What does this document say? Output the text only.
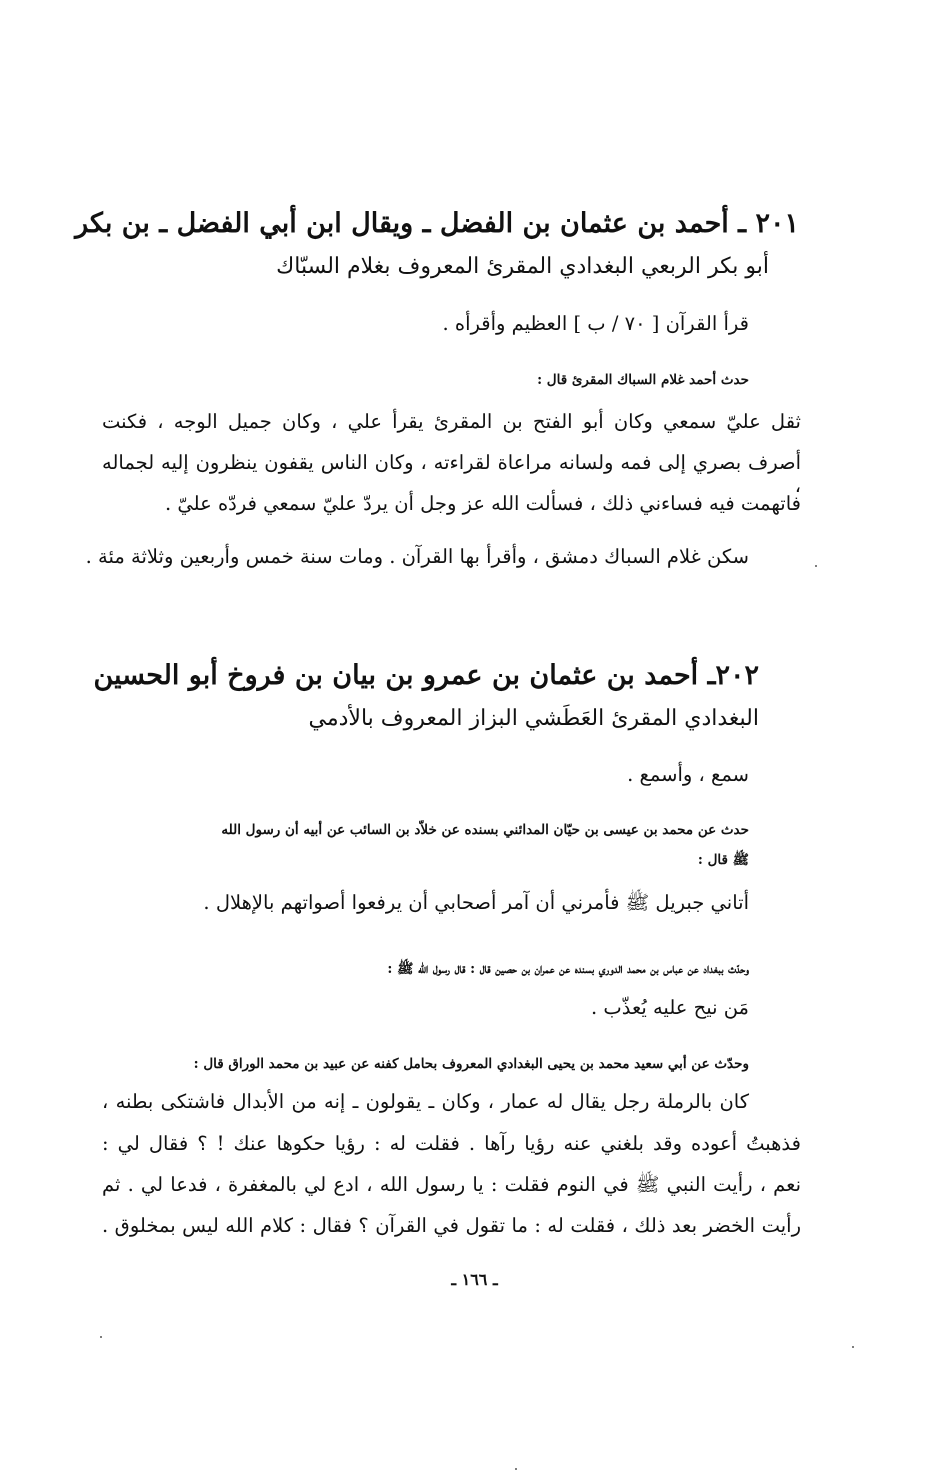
٢٠١ ـ أحمد بن عثمان بن الفضل ـ ويقال ابن أبي الفضل ـ بن بكر
أبو بكر الربعي البغدادي المقرئ المعروف بغلام السبّاك
قرأ القرآن [ ٧٠ / ب ] العظيم وأقرأه .
حدث أحمد غلام السباك المقرئ قال :
ثقل عليّ سمعي وكان أبو الفتح بن المقرئ يقرأ علي ، وكان جميل الوجه ، فكنت
أصرف بصري إلى فمه ولسانه مراعاة لقراءته ، وكان الناس يقفون ينظرون إليه لجماله ،
فاتهمت فيه فساءني ذلك ، فسألت الله عز وجل أن يردّ عليّ سمعي فردّه عليّ .
سكن غلام السباك دمشق ، وأقرأ بها القرآن . ومات سنة خمس وأربعين وثلاثة مئة .
٢٠٢ـ أحمد بن عثمان بن عمرو بن بيان بن فروخ أبو الحسين
البغدادي المقرئ العَطَشي البزاز المعروف بالأدمي
سمع ، وأسمع .
حدث عن محمد بن عيسى بن حيّان المدائني بسنده عن خلاّد بن السائب عن أبيه أن رسول الله
ﷺ قال :
أتاني جبريل ﷺ فأمرني أن آمر أصحابي أن يرفعوا أصواتهم بالإهلال .
وحدّث ببغداد عن عباس بن محمد الدوري بسنده عن عمران بن حصين قال : قال رسول الله ﷺ :
مَن نيح عليه يُعذّب .
وحدّث عن أبي سعيد محمد بن يحيى البغدادي المعروف بحامل كفنه عن عبيد بن محمد الوراق قال :
كان بالرملة رجل يقال له عمار ، وكان ـ يقولون ـ إنه من الأبدال فاشتكى بطنه ،
فذهبتُ أعوده وقد بلغني عنه رؤيا رآها . فقلت له : رؤيا حكوها عنك ! ؟ فقال لي :
نعم ، رأيت النبي ﷺ في النوم فقلت : يا رسول الله ، ادع لي بالمغفرة ، فدعا لي . ثم
رأيت الخضر بعد ذلك ، فقلت له : ما تقول في القرآن ؟ فقال : كلام الله ليس بمخلوق .
ـ ١٦٦ ـ
